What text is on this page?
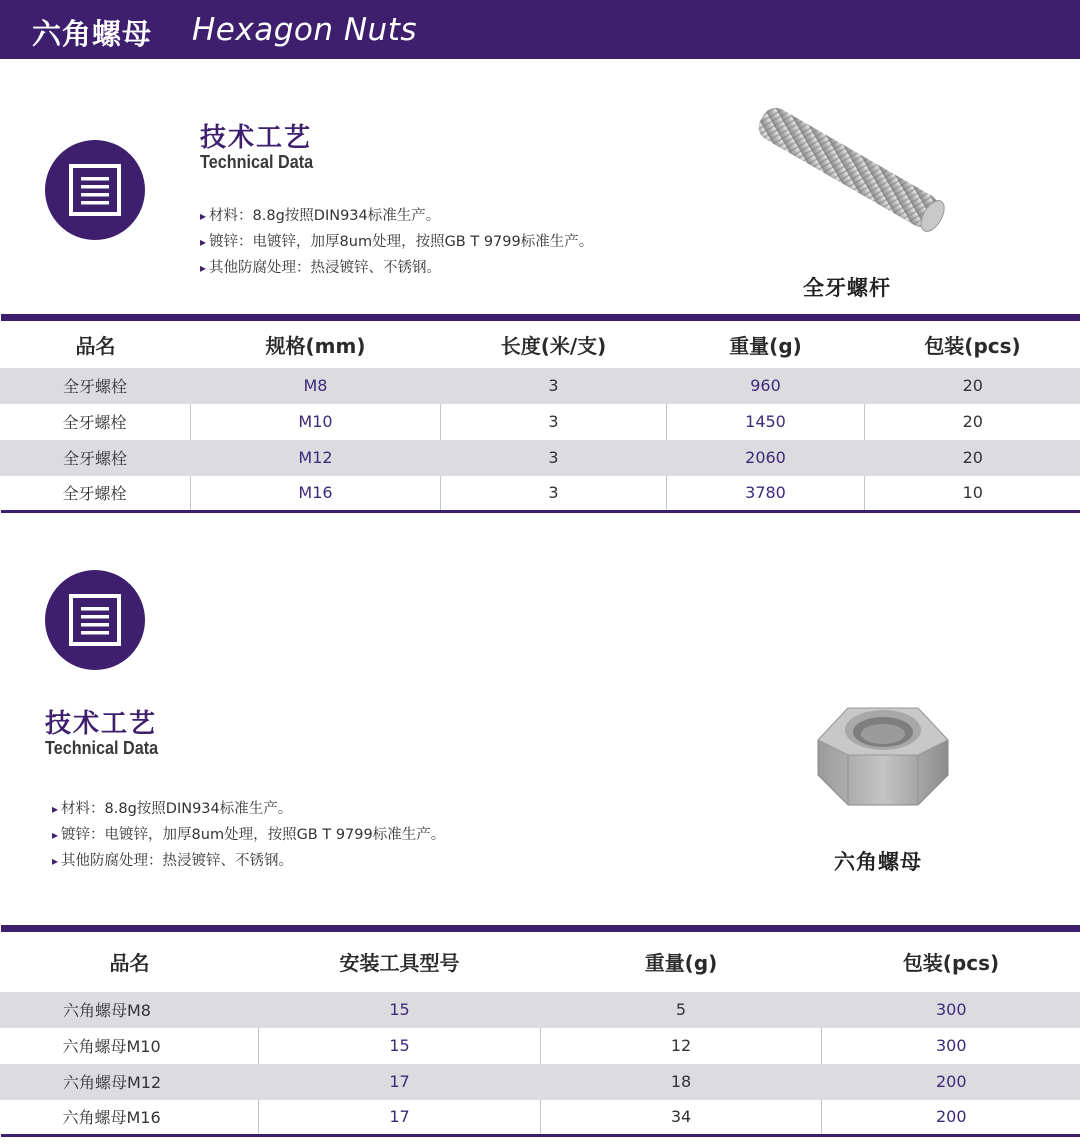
六角螺母 Hexagon Nuts
技术工艺
Technical Data
▸ 材料：8.8g按照DIN934标准生产。
▸ 镀锌：电镀锌，加厚8um处理，按照GB T 9799标准生产。
▸ 其他防腐处理：热浸镀锌、不锈钢。
全牙螺杆
品名	规格(mm)	长度(米/支)	重量(g)	包装(pcs)
全牙螺栓	M8	3	960	20
全牙螺栓	M10	3	1450	20
全牙螺栓	M12	3	2060	20
全牙螺栓	M16	3	3780	10
技术工艺
Technical Data
▸ 材料：8.8g按照DIN934标准生产。
▸ 镀锌：电镀锌，加厚8um处理，按照GB T 9799标准生产。
▸ 其他防腐处理：热浸镀锌、不锈钢。	六角螺母
品名	安装工具型号	重量(g)	包装(pcs)
六角螺母M8	15	5	300
六角螺母M10	15	12	300
六角螺母M12	17	18	200
六角螺母M16	17	34	200
